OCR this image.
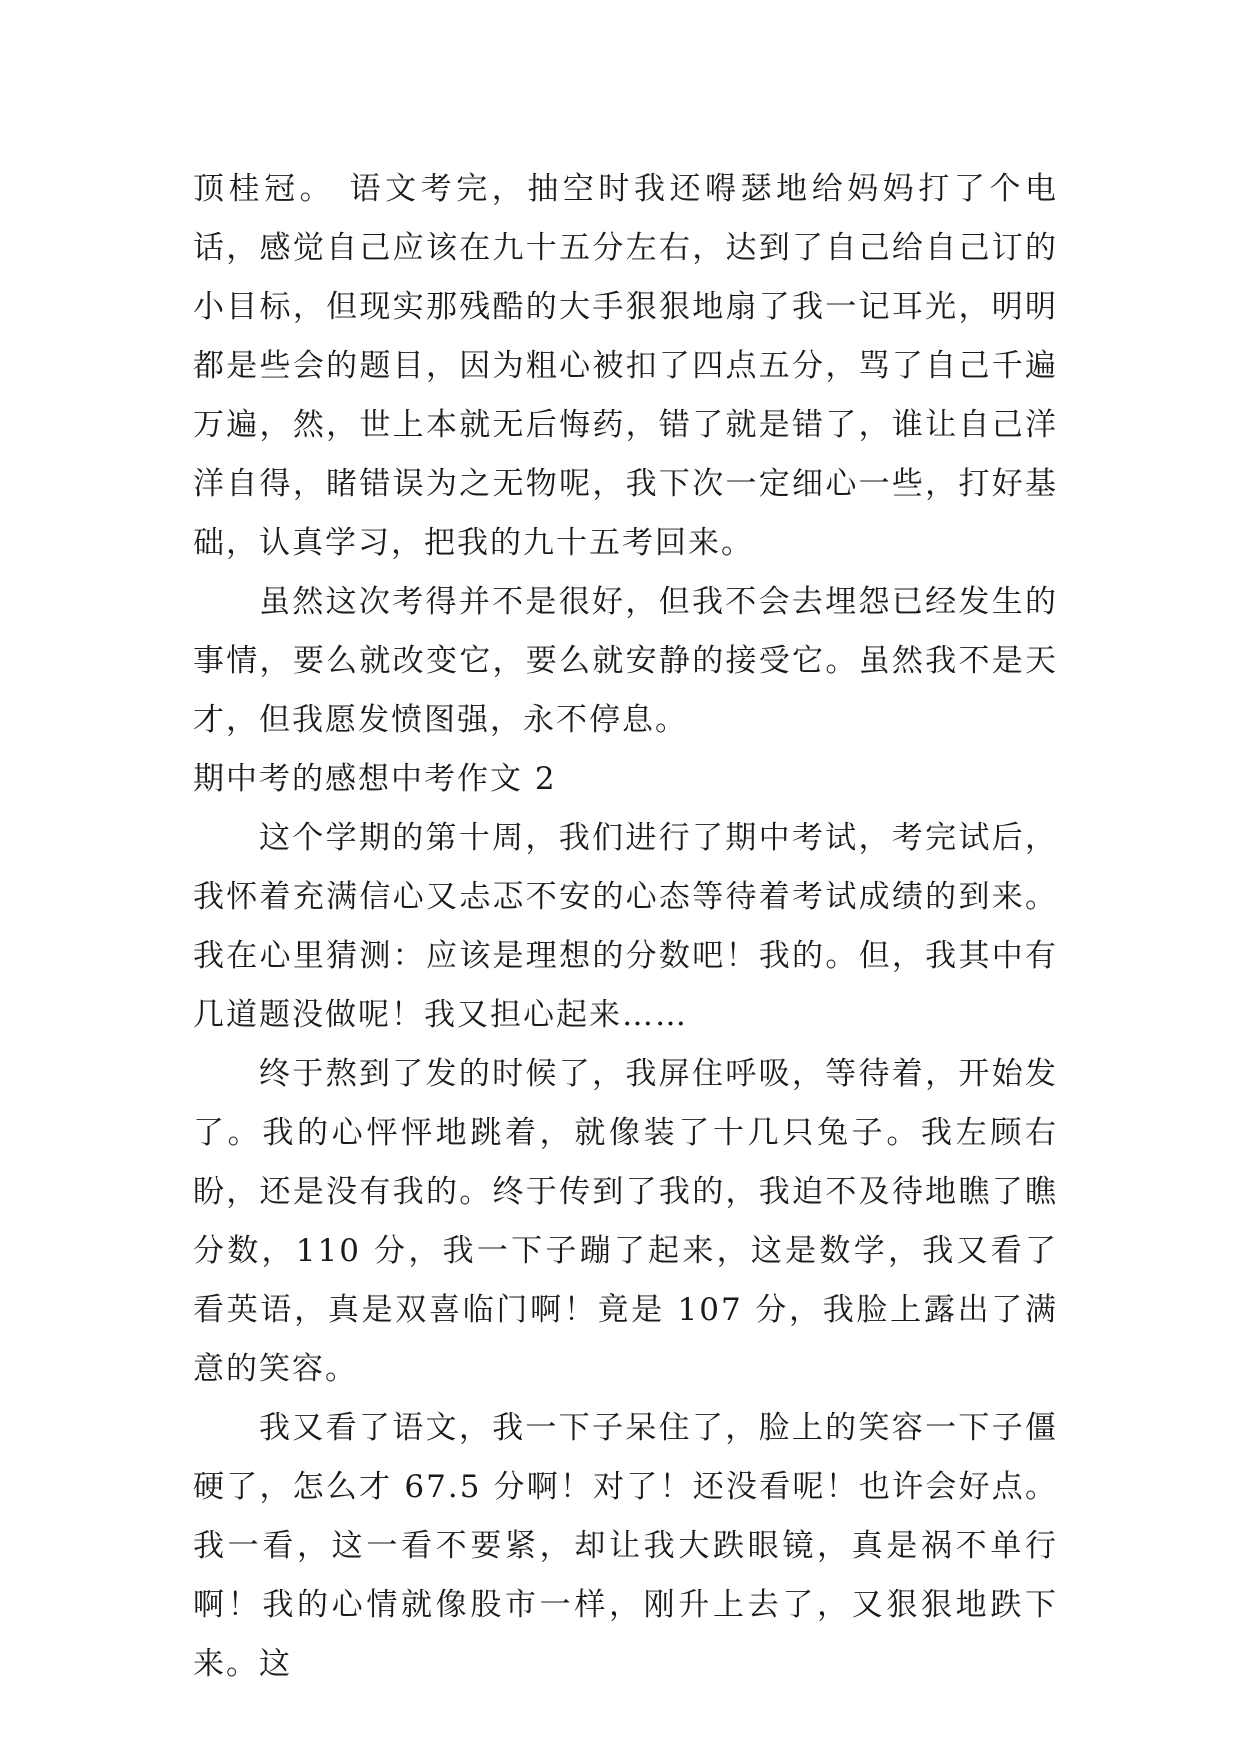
顶桂冠。 语文考完，抽空时我还嘚瑟地给妈妈打了个电话，感觉自己应该在九十五分左右，达到了自己给自己订的小目标，但现实那残酷的大手狠狠地扇了我一记耳光，明明都是些会的题目，因为粗心被扣了四点五分，骂了自己千遍万遍，然，世上本就无后悔药，错了就是错了，谁让自己洋洋自得，睹错误为之无物呢，我下次一定细心一些，打好基础，认真学习，把我的九十五考回来。

虽然这次考得并不是很好，但我不会去埋怨已经发生的事情，要么就改变它，要么就安静的接受它。虽然我不是天才，但我愿发愤图强，永不停息。

期中考的感想中考作文 2

这个学期的第十周，我们进行了期中考试，考完试后，我怀着充满信心又忐忑不安的心态等待着考试成绩的到来。我在心里猜测：应该是理想的分数吧！我的。但，我其中有几道题没做呢！我又担心起来……

终于熬到了发的时候了，我屏住呼吸，等待着，开始发了。我的心怦怦地跳着，就像装了十几只兔子。我左顾右盼，还是没有我的。终于传到了我的，我迫不及待地瞧了瞧分数，110 分，我一下子蹦了起来，这是数学，我又看了看英语，真是双喜临门啊！竟是 107 分，我脸上露出了满意的笑容。

我又看了语文，我一下子呆住了，脸上的笑容一下子僵硬了，怎么才 67.5 分啊！对了！还没看呢！也许会好点。我一看，这一看不要紧，却让我大跌眼镜，真是祸不单行啊！我的心情就像股市一样，刚升上去了，又狠狠地跌下来。这
